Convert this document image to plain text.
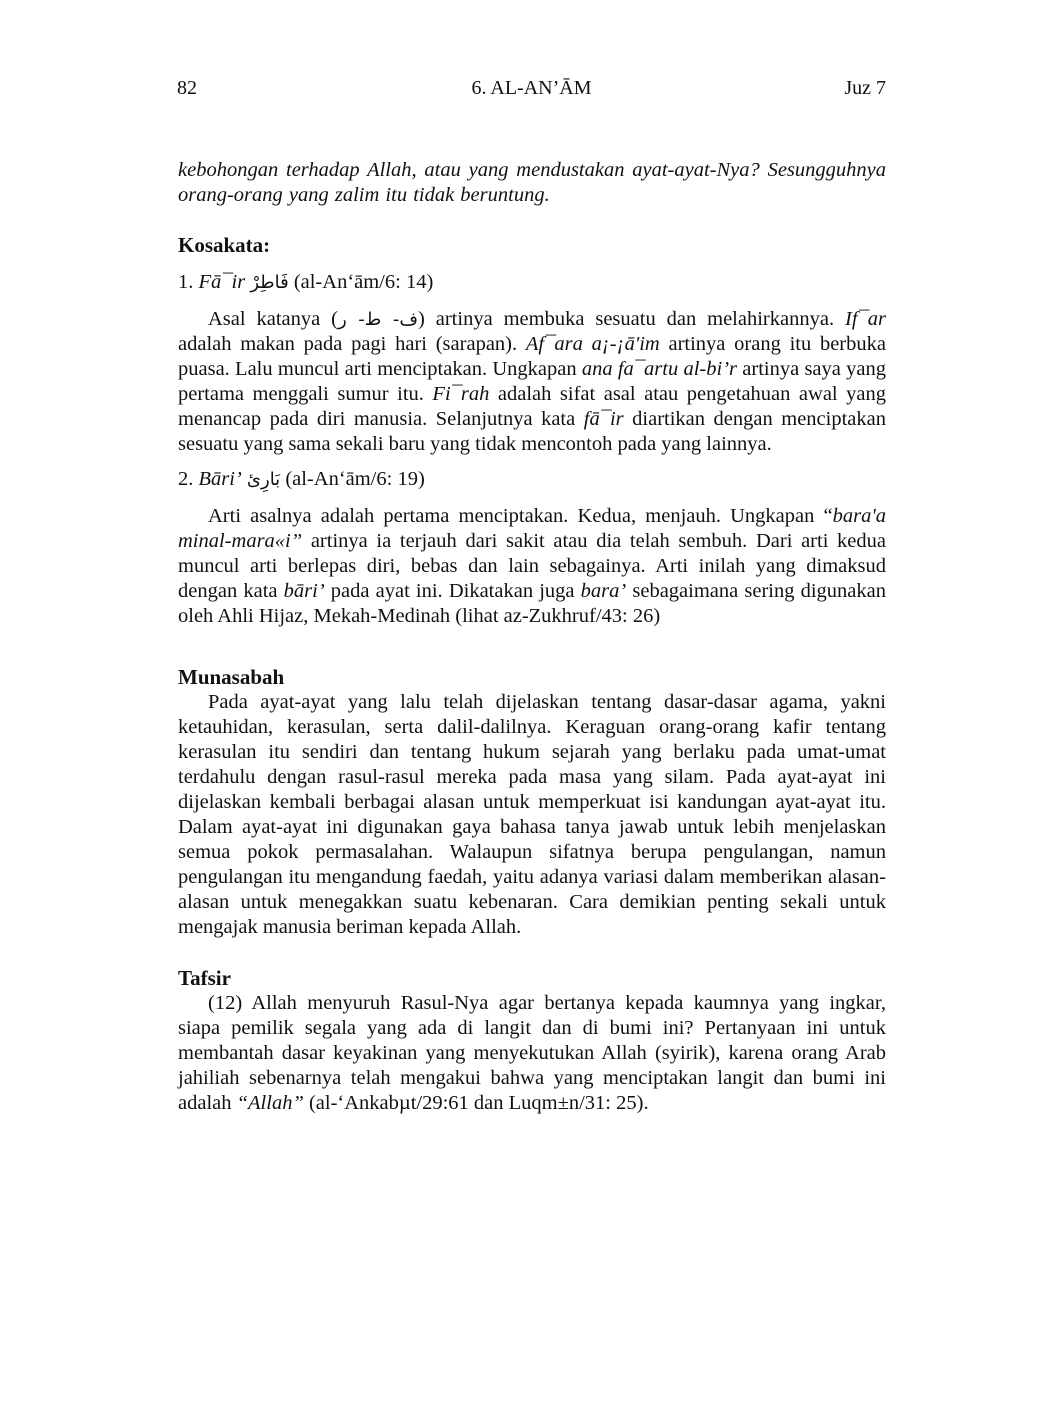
82	6. AL-AN’ĀM	Juz 7

kebohongan terhadap Allah, atau yang mendustakan ayat-ayat-Nya? Sesungguhnya orang-orang yang zalim itu tidak beruntung.

Kosakata:
1. Fā¯ir فَاطِرْ (al-An‘ām/6: 14)

Asal katanya (ف- ط- ر) artinya membuka sesuatu dan melahirkannya. If¯ar adalah makan pada pagi hari (sarapan). Af¯ara a¡-¡ā'im artinya orang itu berbuka puasa. Lalu muncul arti menciptakan. Ungkapan ana fa¯artu al-bi’r artinya saya yang pertama menggali sumur itu. Fi¯rah adalah sifat asal atau pengetahuan awal yang menancap pada diri manusia. Selanjutnya kata fā¯ir diartikan dengan menciptakan sesuatu yang sama sekali baru yang tidak mencontoh pada yang lainnya.

2. Bāri’ بَارِئ (al-An‘ām/6: 19)

Arti asalnya adalah pertama menciptakan. Kedua, menjauh. Ungkapan “bara'a minal-mara«i” artinya ia terjauh dari sakit atau dia telah sembuh. Dari arti kedua muncul arti berlepas diri, bebas dan lain sebagainya. Arti inilah yang dimaksud dengan kata bāri’ pada ayat ini. Dikatakan juga bara’ sebagaimana sering digunakan oleh Ahli Hijaz, Mekah-Medinah (lihat az-Zukhruf/43: 26)

Munasabah

Pada ayat-ayat yang lalu telah dijelaskan tentang dasar-dasar agama, yakni ketauhidan, kerasulan, serta dalil-dalilnya. Keraguan orang-orang kafir tentang kerasulan itu sendiri dan tentang hukum sejarah yang berlaku pada umat-umat terdahulu dengan rasul-rasul mereka pada masa yang silam. Pada ayat-ayat ini dijelaskan kembali berbagai alasan untuk memperkuat isi kandungan ayat-ayat itu. Dalam ayat-ayat ini digunakan gaya bahasa tanya jawab untuk lebih menjelaskan semua pokok permasalahan. Walaupun sifatnya berupa pengulangan, namun pengulangan itu mengandung faedah, yaitu adanya variasi dalam memberikan alasan-alasan untuk menegakkan suatu kebenaran. Cara demikian penting sekali untuk mengajak manusia beriman kepada Allah.

Tafsir

(12) Allah menyuruh Rasul-Nya agar bertanya kepada kaumnya yang ingkar, siapa pemilik segala yang ada di langit dan di bumi ini? Pertanyaan ini untuk membantah dasar keyakinan yang menyekutukan Allah (syirik), karena orang Arab jahiliah sebenarnya telah mengakui bahwa yang menciptakan langit dan bumi ini adalah “Allah” (al-‘Ankabµt/29:61 dan Luqm±n/31: 25).
